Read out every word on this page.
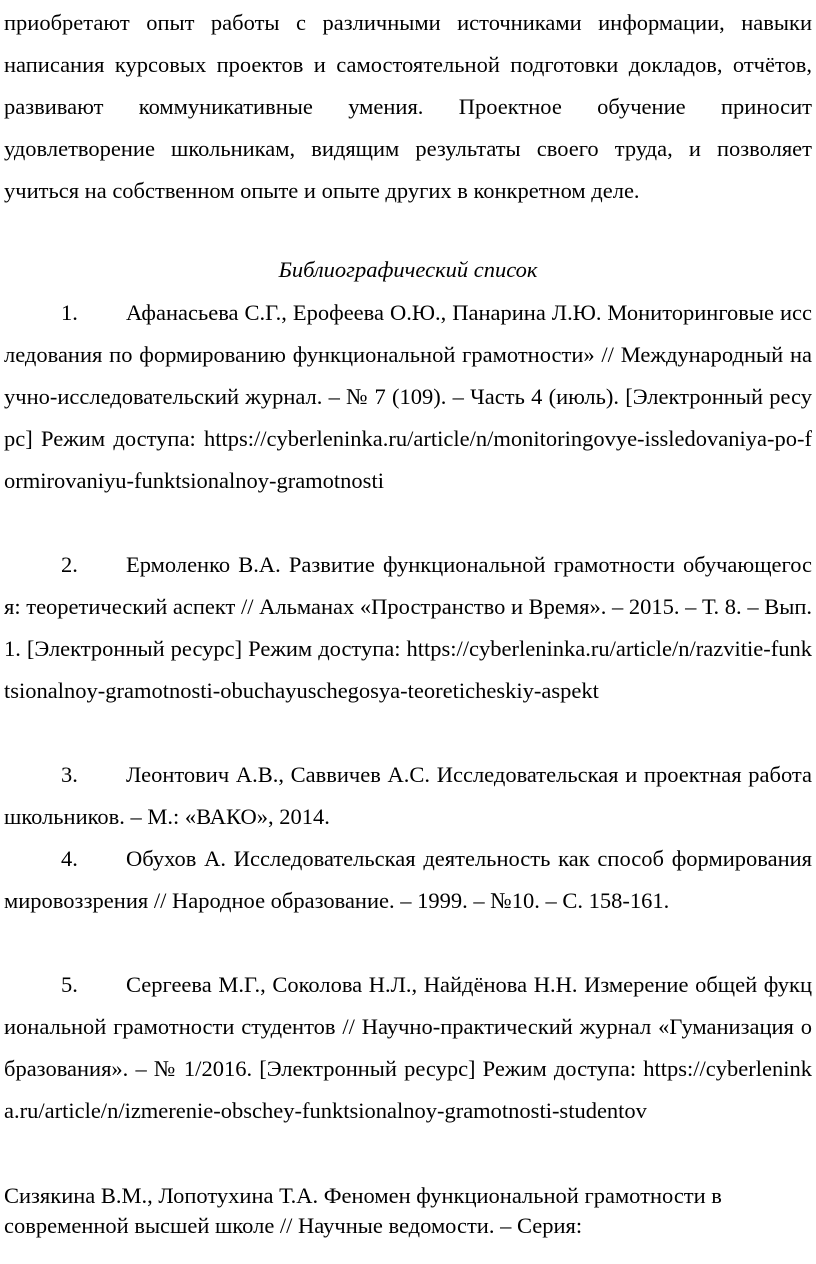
приобретают опыт работы с различными источниками информации, навыки написания курсовых проектов и самостоятельной подготовки докладов, отчётов, развивают коммуникативные умения. Проектное обучение приносит удовлетворение школьникам, видящим результаты своего труда, и позволяет учиться на собственном опыте и опыте других в конкретном деле.

Библиографический список

1. Афанасьева С.Г., Ерофеева О.Ю., Панарина Л.Ю. Мониторинговые исследования по формированию функциональной грамотности» // Международный научно-исследовательский журнал. – № 7 (109). – Часть 4 (июль). [Электронный ресурс] Режим доступа: https://cyberleninka.ru/article/n/monitoringovye-issledovaniya-po-formirovaniyu-funktsionalnoy-gramotnosti

2. Ермоленко В.А. Развитие функциональной грамотности обучающегося: теоретический аспект // Альманах «Пространство и Время». – 2015. – Т. 8. – Вып. 1. [Электронный ресурс] Режим доступа: https://cyberleninka.ru/article/n/razvitie-funktsionalnoy-gramotnosti-obuchayuschegosya-teoreticheskiy-aspekt

3. Леонтович А.В., Саввичев А.С. Исследовательская и проектная работа школьников. – М.: «ВАКО», 2014.

4. Обухов А. Исследовательская деятельность как способ формирования мировоззрения // Народное образование. – 1999. – №10. – С. 158-161.

5. Сергеева М.Г., Соколова Н.Л., Найдёнова Н.Н. Измерение общей фукциональной грамотности студентов // Научно-практический журнал «Гуманизация образования». – № 1/2016. [Электронный ресурс] Режим доступа: https://cyberleninka.ru/article/n/izmerenie-obschey-funktsionalnoy-gramotnosti-studentov

Сизякина В.М., Лопотухина Т.А. Феномен функциональной грамотности в современной высшей школе // Научные ведомости. – Серия:
